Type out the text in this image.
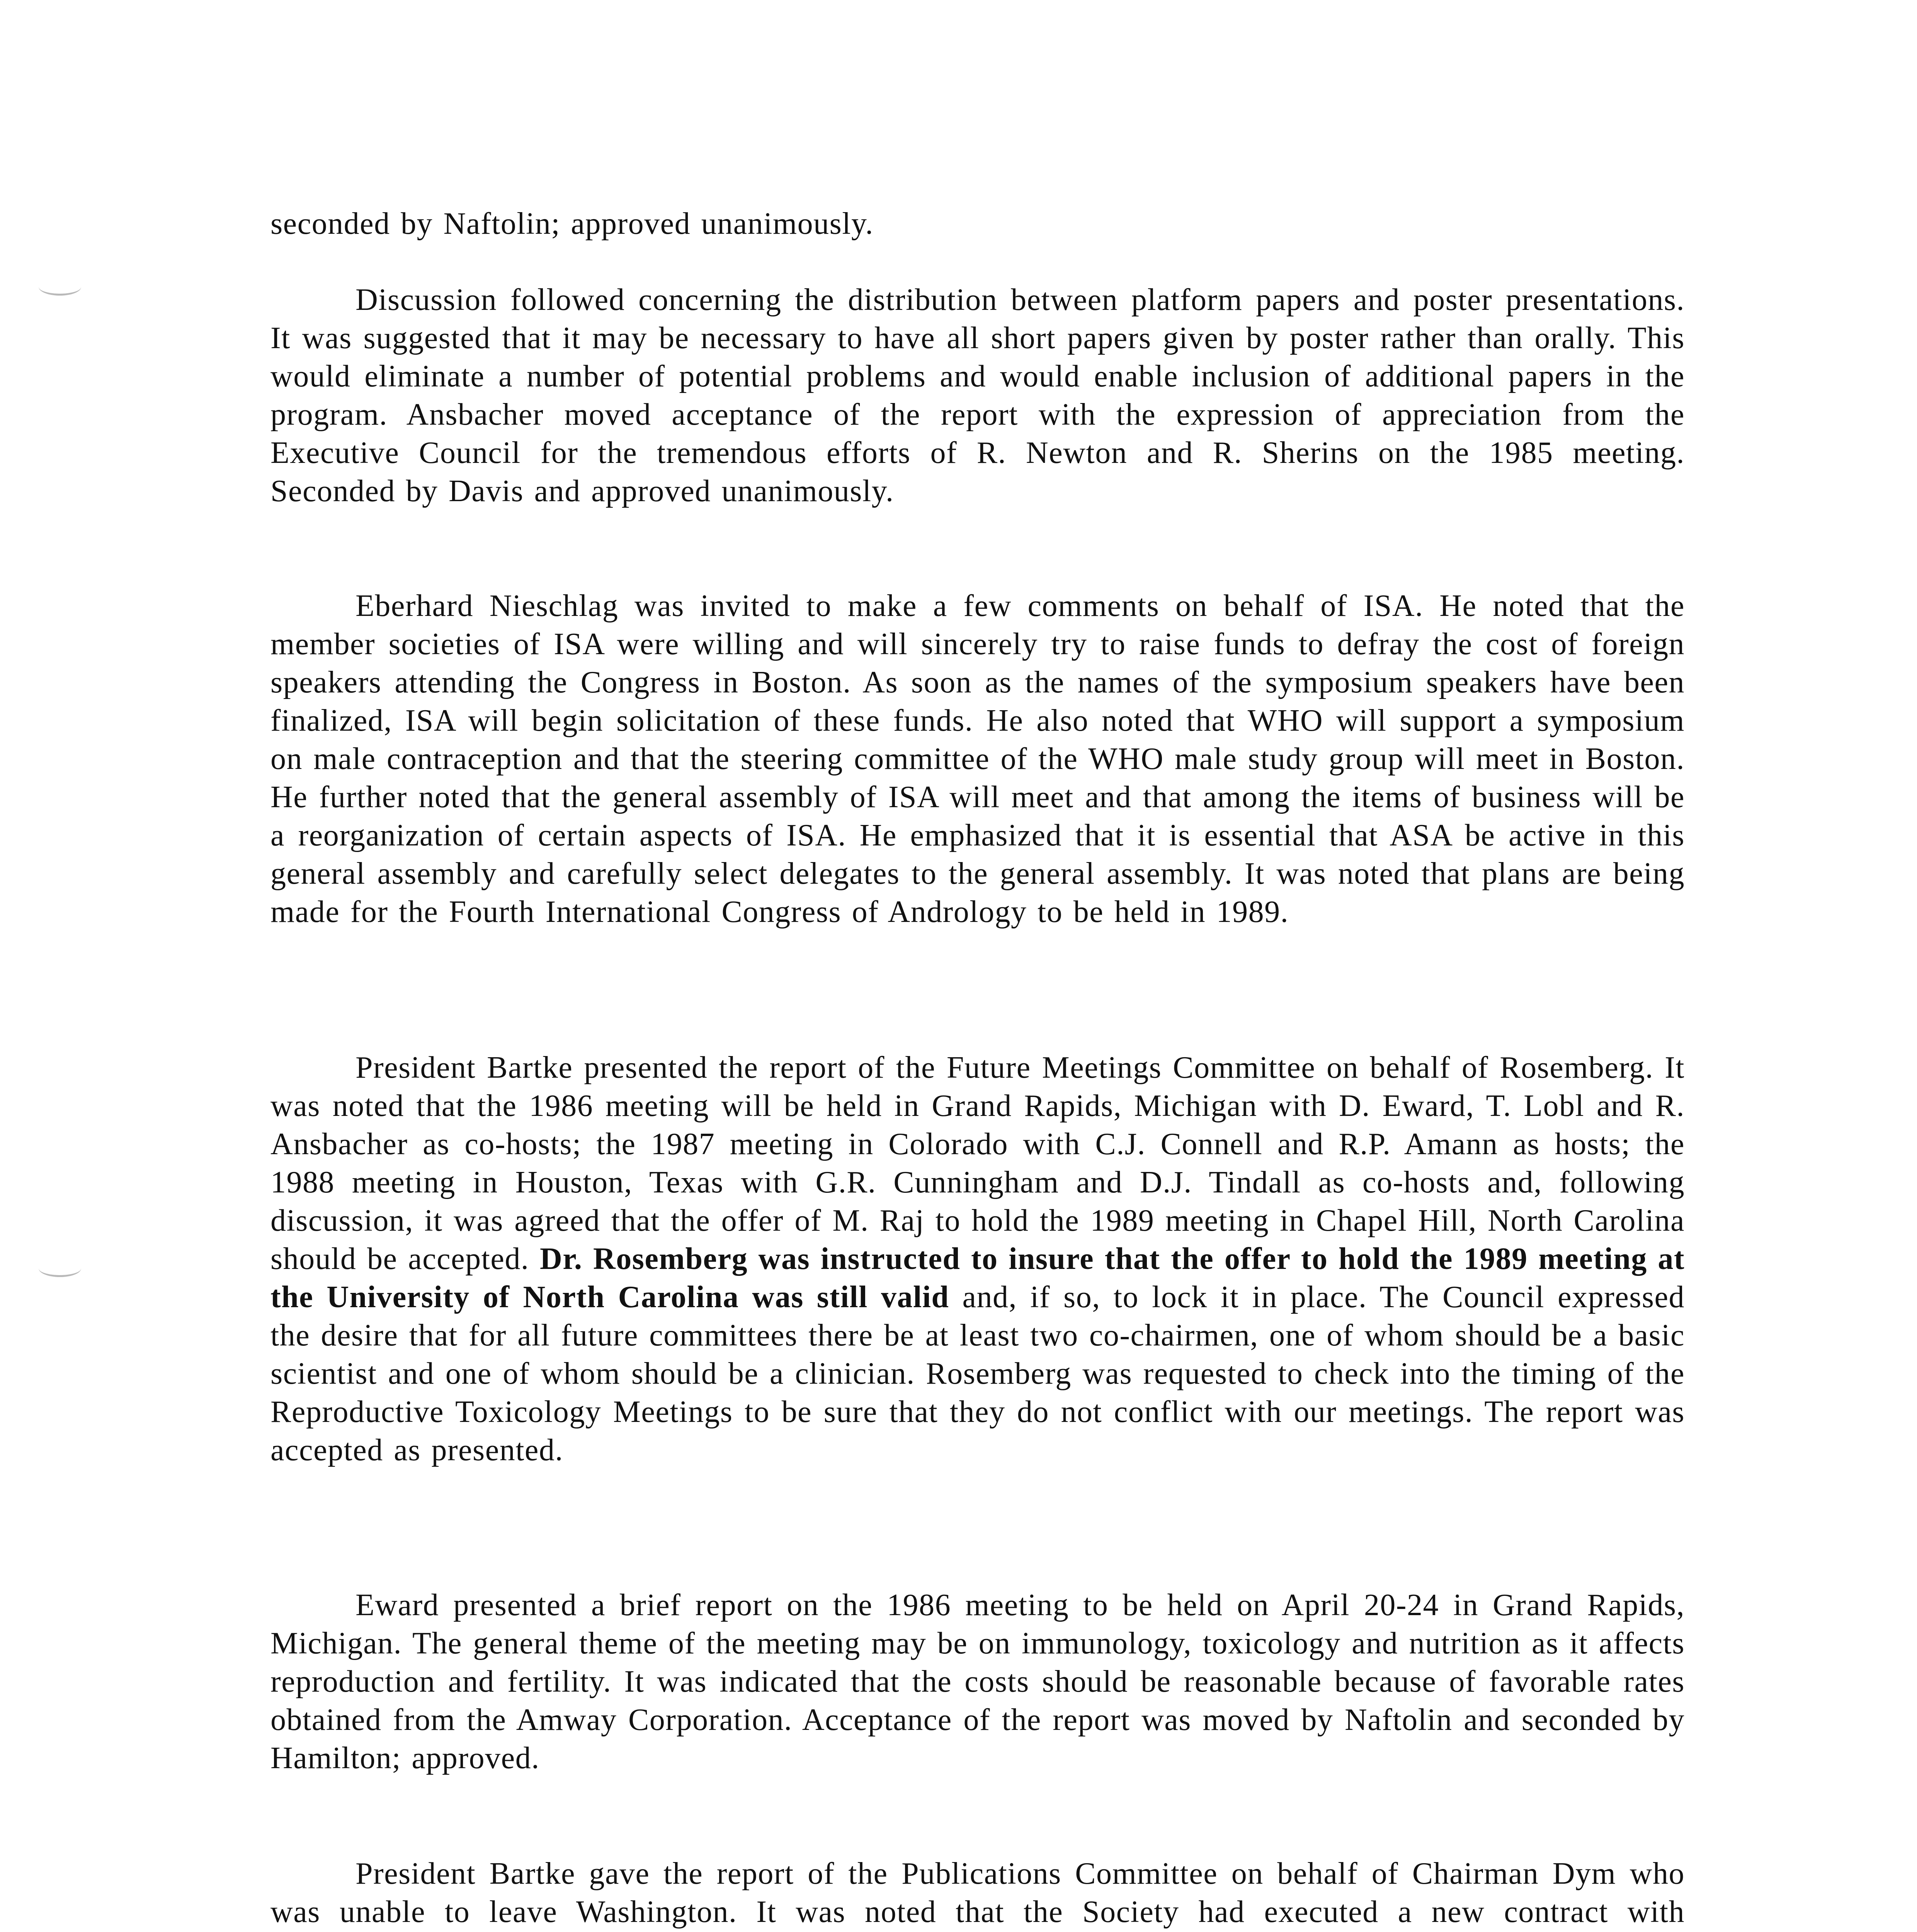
seconded by Naftolin; approved unanimously.

Discussion followed concerning the distribution between platform papers and poster presentations. It was suggested that it may be necessary to have all short papers given by poster rather than orally. This would eliminate a number of potential problems and would enable inclusion of additional papers in the program. Ansbacher moved acceptance of the report with the expression of appreciation from the Executive Council for the tremendous efforts of R. Newton and R. Sherins on the 1985 meeting. Seconded by Davis and approved unanimously.

Eberhard Nieschlag was invited to make a few comments on behalf of ISA. He noted that the member societies of ISA were willing and will sincerely try to raise funds to defray the cost of foreign speakers attending the Congress in Boston. As soon as the names of the symposium speakers have been finalized, ISA will begin solicitation of these funds. He also noted that WHO will support a symposium on male contraception and that the steering committee of the WHO male study group will meet in Boston. He further noted that the general assembly of ISA will meet and that among the items of business will be a reorganization of certain aspects of ISA. He emphasized that it is essential that ASA be active in this general assembly and carefully select delegates to the general assembly. It was noted that plans are being made for the Fourth International Congress of Andrology to be held in 1989.

President Bartke presented the report of the Future Meetings Committee on behalf of Rosemberg. It was noted that the 1986 meeting will be held in Grand Rapids, Michigan with D. Eward, T. Lobl and R. Ansbacher as co-hosts; the 1987 meeting in Colorado with C.J. Connell and R.P. Amann as hosts; the 1988 meeting in Houston, Texas with G.R. Cunningham and D.J. Tindall as co-hosts and, following discussion, it was agreed that the offer of M. Raj to hold the 1989 meeting in Chapel Hill, North Carolina should be accepted. Dr. Rosemberg was instructed to insure that the offer to hold the 1989 meeting at the University of North Carolina was still valid and, if so, to lock it in place. The Council expressed the desire that for all future committees there be at least two co-chairmen, one of whom should be a basic scientist and one of whom should be a clinician. Rosemberg was requested to check into the timing of the Reproductive Toxicology Meetings to be sure that they do not conflict with our meetings. The report was accepted as presented.

Eward presented a brief report on the 1986 meeting to be held on April 20-24 in Grand Rapids, Michigan. The general theme of the meeting may be on immunology, toxicology and nutrition as it affects reproduction and fertility. It was indicated that the costs should be reasonable because of favorable rates obtained from the Amway Corporation. Acceptance of the report was moved by Naftolin and seconded by Hamilton; approved.

President Bartke gave the report of the Publications Committee on behalf of Chairman Dym who was unable to leave Washington. It was noted that the Society had executed a new contract with
